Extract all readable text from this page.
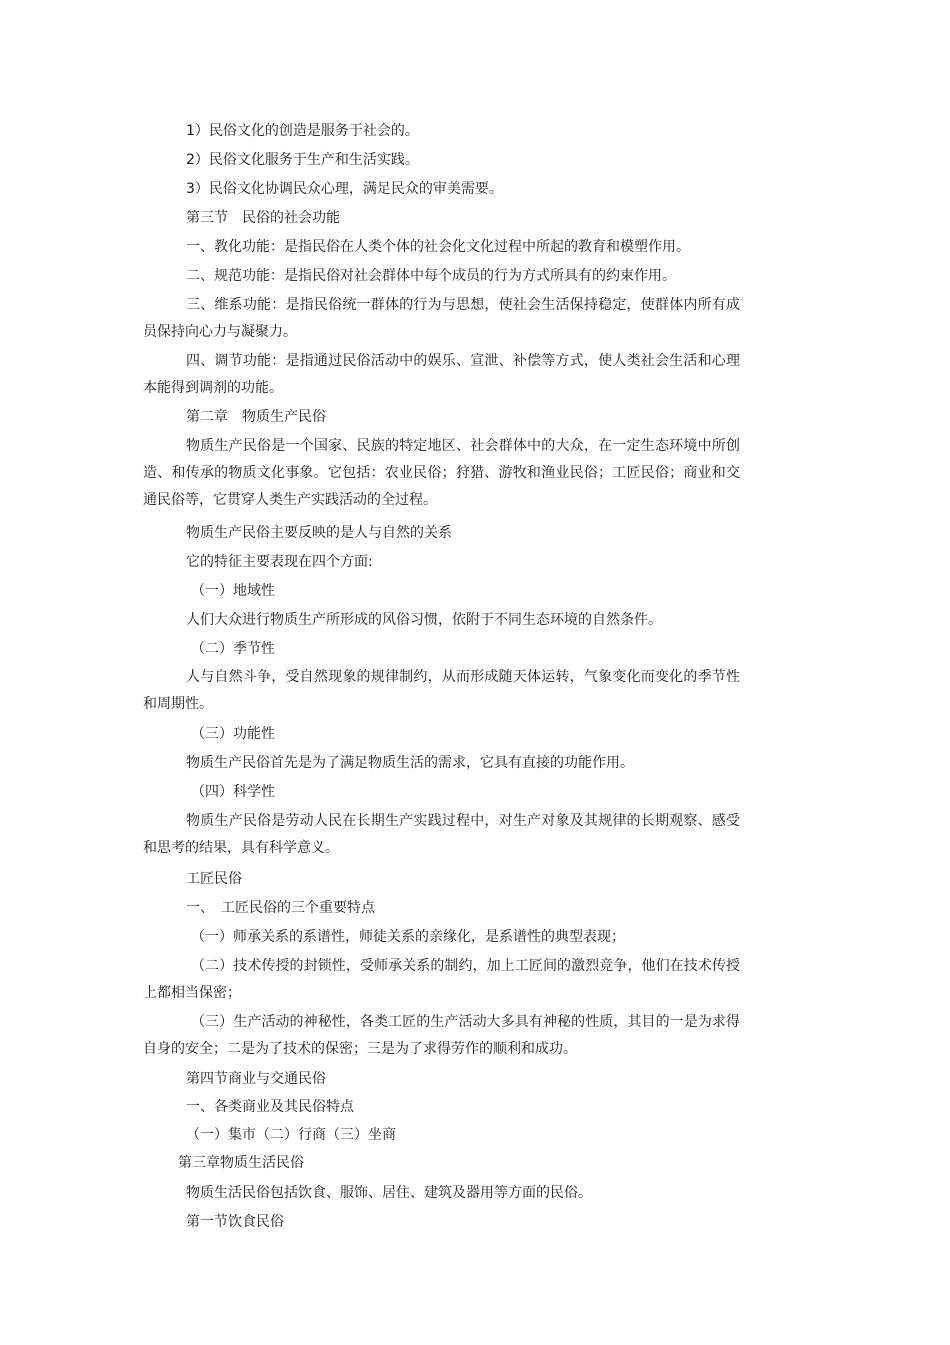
1）民俗文化的创造是服务于社会的。

2）民俗文化服务于生产和生活实践。

3）民俗文化协调民众心理，满足民众的审美需要。

第三节　民俗的社会功能

一、教化功能：是指民俗在人类个体的社会化文化过程中所起的教育和模塑作用。

二、规范功能：是指民俗对社会群体中每个成员的行为方式所具有的约束作用。

三、维系功能：是指民俗统一群体的行为与思想，使社会生活保持稳定，使群体内所有成员保持向心力与凝聚力。

四、调节功能：是指通过民俗活动中的娱乐、宣泄、补偿等方式，使人类社会生活和心理本能得到调剂的功能。

第二章　物质生产民俗

物质生产民俗是一个国家、民族的特定地区、社会群体中的大众，在一定生态环境中所创造、和传承的物质文化事象。它包括：农业民俗；狩猎、游牧和渔业民俗；工匠民俗；商业和交通民俗等，它贯穿人类生产实践活动的全过程。

物质生产民俗主要反映的是人与自然的关系

它的特征主要表现在四个方面:

（一）地域性

人们大众进行物质生产所形成的风俗习惯，依附于不同生态环境的自然条件。

（二）季节性

人与自然斗争，受自然现象的规律制约，从而形成随天体运转，气象变化而变化的季节性和周期性。

（三）功能性

物质生产民俗首先是为了满足物质生活的需求，它具有直接的功能作用。

（四）科学性

物质生产民俗是劳动人民在长期生产实践过程中，对生产对象及其规律的长期观察、感受和思考的结果，具有科学意义。

工匠民俗

一、　工匠民俗的三个重要特点

（一）师承关系的系谱性，师徒关系的亲缘化，是系谱性的典型表现；

（二）技术传授的封锁性，受师承关系的制约，加上工匠间的激烈竞争，他们在技术传授上都相当保密；

（三）生产活动的神秘性，各类工匠的生产活动大多具有神秘的性质，其目的一是为求得自身的安全；二是为了技术的保密；三是为了求得劳作的顺利和成功。

第四节商业与交通民俗

一、各类商业及其民俗特点

（一）集市（二）行商（三）坐商

第三章物质生活民俗

物质生活民俗包括饮食、服饰、居住、建筑及器用等方面的民俗。

第一节饮食民俗
